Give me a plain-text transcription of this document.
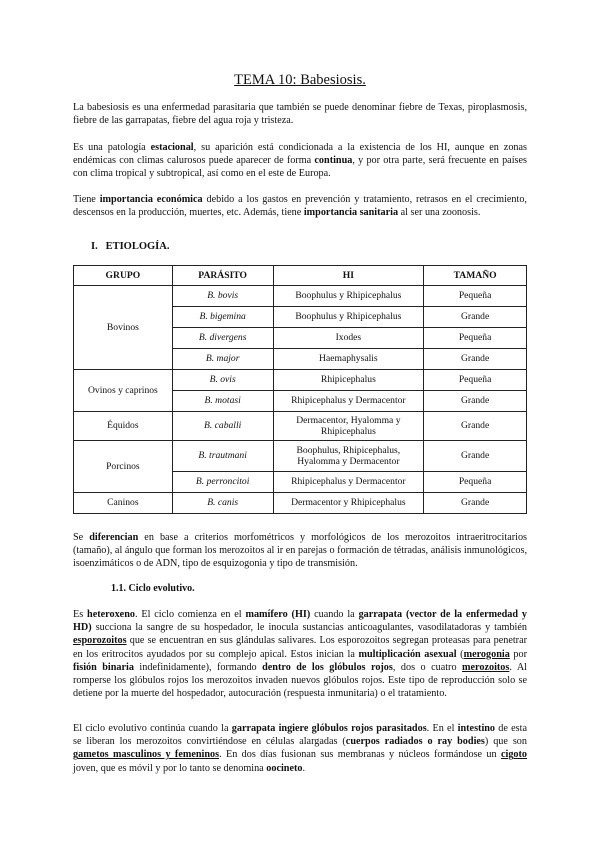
TEMA 10: Babesiosis.

La babesiosis es una enfermedad parasitaria que también se puede denominar fiebre de Texas, piroplasmosis, fiebre de las garrapatas, fiebre del agua roja y tristeza.

Es una patología estacional, su aparición está condicionada a la existencia de los HI, aunque en zonas endémicas con climas calurosos puede aparecer de forma continua, y por otra parte, será frecuente en países con clima tropical y subtropical, así como en el este de Europa.

Tiene importancia económica debido a los gastos en prevención y tratamiento, retrasos en el crecimiento, descensos en la producción, muertes, etc. Además, tiene importancia sanitaria al ser una zoonosis.

I.   ETIOLOGÍA.
GRUPO	PARÁSITO	HI	TAMAÑO
Bovinos	B. bovis	Boophulus y Rhipicephalus	Pequeña
	B. bigemina	Boophulus y Rhipicephalus	Grande
	B. divergens	Ixodes	Pequeña
	B. major	Haemaphysalis	Grande
Ovinos y caprinos	B. ovis	Rhipicephalus	Pequeña
	B. motasi	Rhipicephalus y Dermacentor	Grande
Équidos	B. caballi	Dermacentor, Hyalomma y Rhipicephalus	Grande
Porcinos	B. trautmani	Boophulus, Rhipicephalus, Hyalomma y Dermacentor	Grande
	B. perroncitoi	Rhipicephalus y Dermacentor	Pequeña
Caninos	B. canis	Dermacentor y Rhipicephalus	Grande

Se diferencian en base a criterios morfométricos y morfológicos de los merozoitos intraeritrocitarios (tamaño), al ángulo que forman los merozoitos al ir en parejas o formación de tétradas, análisis inmunológicos, isoenzimáticos o de ADN, tipo de esquizogonia y tipo de transmisión.

1.1. Ciclo evolutivo.

Es heteroxeno. El ciclo comienza en el mamífero (HI) cuando la garrapata (vector de la enfermedad y HD) succiona la sangre de su hospedador, le inocula sustancias anticoagulantes, vasodilatadoras y también esporozoitos que se encuentran en sus glándulas salivares. Los esporozoitos segregan proteasas para penetrar en los eritrocitos ayudados por su complejo apical. Estos inician la multiplicación asexual (merogonia por fisión binaria indefinidamente), formando dentro de los glóbulos rojos, dos o cuatro merozoitos. Al romperse los glóbulos rojos los merozoitos invaden nuevos glóbulos rojos. Este tipo de reproducción solo se detiene por la muerte del hospedador, autocuración (respuesta inmunitaria) o el tratamiento.

El ciclo evolutivo continúa cuando la garrapata ingiere glóbulos rojos parasitados. En el intestino de esta se liberan los merozoitos convirtiéndose en células alargadas (cuerpos radiados o ray bodies) que son gametos masculinos y femeninos. En dos días fusionan sus membranas y núcleos formándose un cigoto joven, que es móvil y por lo tanto se denomina oocineto.
